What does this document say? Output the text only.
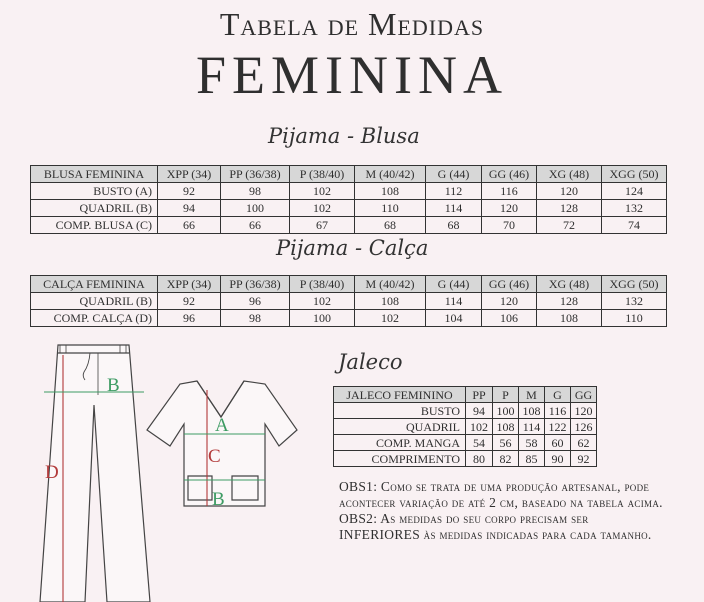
Tabela de Medidas
FEMININA
Pijama - Blusa
Pijama - Calça
Jaleco
BLUSA FEMININA	XPP (34)	PP (36/38)	P (38/40)	M (40/42)	G (44)	GG (46)	XG (48)	XGG (50)
BUSTO (A)	92	98	102	108	112	116	120	124
QUADRIL (B)	94	100	102	110	114	120	128	132
COMP. BLUSA (C)	66	66	67	68	68	70	72	74
CALÇA FEMININA	XPP (34)	PP (36/38)	P (38/40)	M (40/42)	G (44)	GG (46)	XG (48)	XGG (50)
QUADRIL (B)	92	96	102	108	114	120	128	132
COMP. CALÇA (D)	96	98	100	102	104	106	108	110
JALECO FEMININO	PP	P	M	G	GG
BUSTO	94	100	108	116	120
QUADRIL	102	108	114	122	126
COMP. MANGA	54	56	58	60	62
COMPRIMENTO	80	82	85	90	92
B
D
A
C
B
OBS1: Como se trata de uma produção artesanal, pode acontecer variação de até 2 cm, baseado na tabela acima.
OBS2: As medidas do seu corpo precisam ser INFERIORES às medidas indicadas para cada tamanho.
